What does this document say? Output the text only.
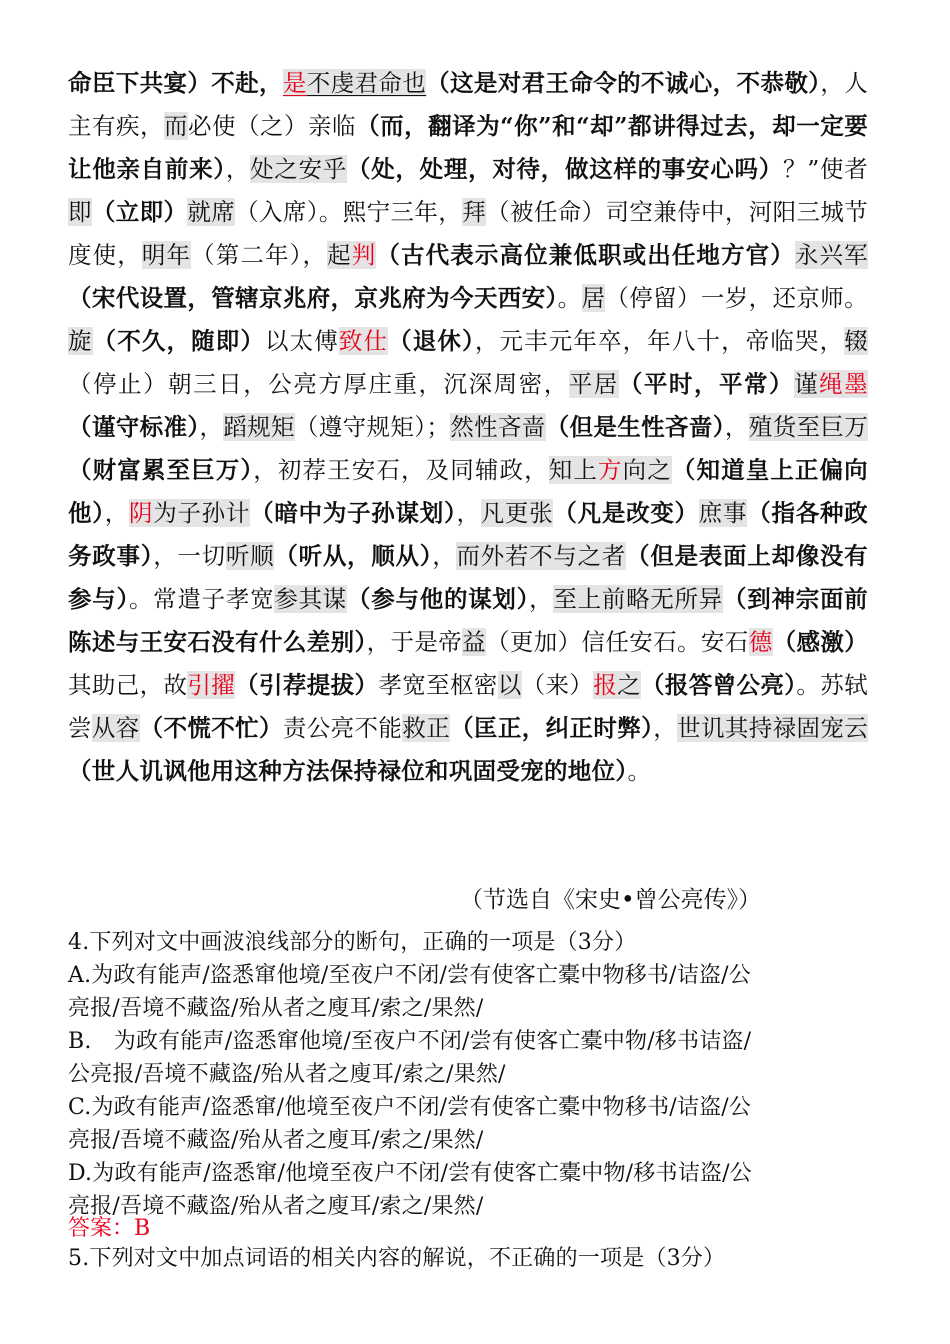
命臣下共宴）不赴，是不虔君命也（这是对君王命令的不诚心，不恭敬），人主有疾，而必使（之）亲临（而，翻译为“你”和“却”都讲得过去，却一定要让他亲自前来），处之安乎（处，处理，对待，做这样的事安心吗）？”使者即（立即）就席（入席）。熙宁三年，拜（被任命）司空兼侍中，河阳三城节度使，明年（第二年），起判（古代表示高位兼低职或出任地方官）永兴军（宋代设置，管辖京兆府，京兆府为今天西安）。居（停留）一岁，还京师。旋（不久，随即）以太傅致仕（退休），元丰元年卒，年八十，帝临哭，辍（停止）朝三日，公亮方厚庄重，沉深周密，平居（平时，平常）谨绳墨（谨守标准），蹈规矩（遵守规矩）；然性吝啬（但是生性吝啬），殖货至巨万（财富累至巨万），初荐王安石，及同辅政，知上方向之（知道皇上正偏向他），阴为子孙计（暗中为子孙谋划），凡更张（凡是改变）庶事（指各种政务政事），一切听顺（听从，顺从），而外若不与之者（但是表面上却像没有参与）。常遣子孝宽参其谋（参与他的谋划），至上前略无所异（到神宗面前陈述与王安石没有什么差别），于是帝益（更加）信任安石。安石德（感激）其助己，故引擢（引荐提拔）孝宽至枢密以（来）报之（报答曾公亮）。苏轼尝从容（不慌不忙）责公亮不能救正（匡正，纠正时弊），世讥其持禄固宠云（世人讥讽他用这种方法保持禄位和巩固受宠的地位）。
（节选自《宋史•曾公亮传》）
4.下列对文中画波浪线部分的断句，正确的一项是（3分）
A.为政有能声/盗悉窜他境/至夜户不闭/尝有使客亡橐中物移书/诘盗/公
亮报/吾境不藏盗/殆从者之廋耳/索之/果然/
B.　为政有能声/盗悉窜他境/至夜户不闭/尝有使客亡橐中物/移书诘盗/
公亮报/吾境不藏盗/殆从者之廋耳/索之/果然/
C.为政有能声/盗悉窜/他境至夜户不闭/尝有使客亡橐中物移书/诘盗/公
亮报/吾境不藏盗/殆从者之廋耳/索之/果然/
D.为政有能声/盗悉窜/他境至夜户不闭/尝有使客亡橐中物/移书诘盗/公
亮报/吾境不藏盗/殆从者之廋耳/索之/果然/
答案：B
5.下列对文中加点词语的相关内容的解说，不正确的一项是（3分）
